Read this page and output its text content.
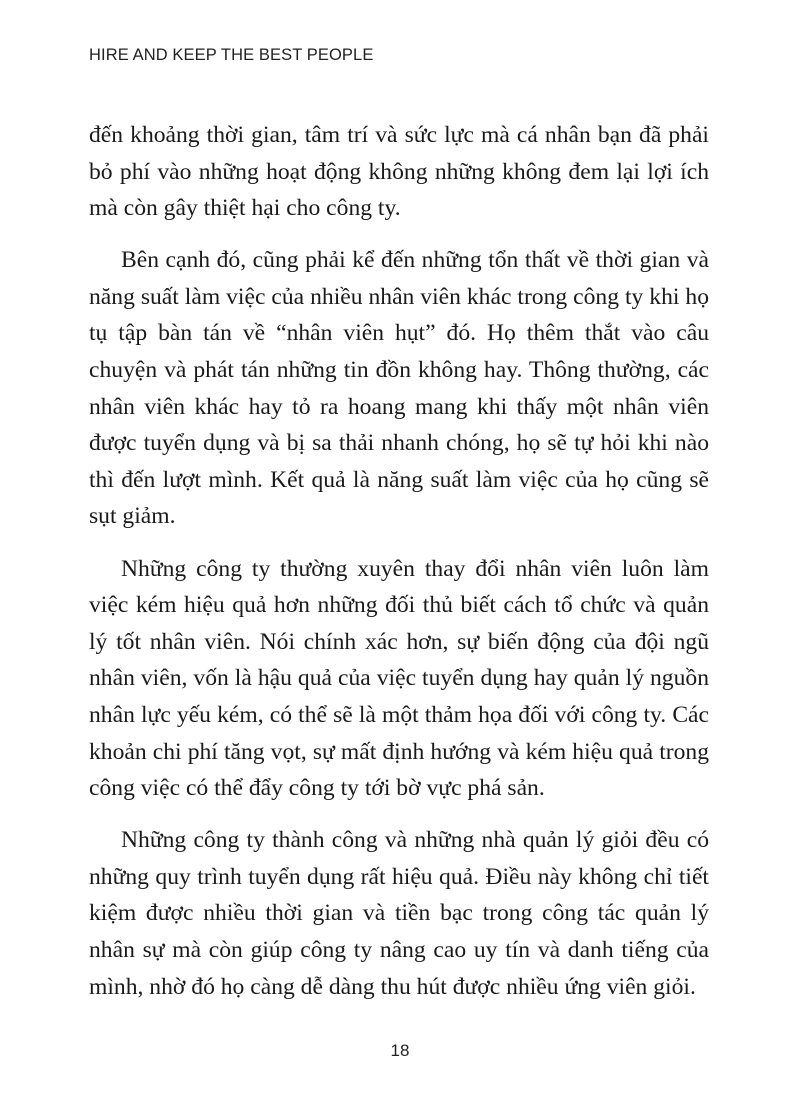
HIRE AND KEEP THE BEST PEOPLE

đến khoảng thời gian, tâm trí và sức lực mà cá nhân bạn đã phải bỏ phí vào những hoạt động không những không đem lại lợi ích mà còn gây thiệt hại cho công ty.

Bên cạnh đó, cũng phải kể đến những tổn thất về thời gian và năng suất làm việc của nhiều nhân viên khác trong công ty khi họ tụ tập bàn tán về “nhân viên hụt” đó. Họ thêm thắt vào câu chuyện và phát tán những tin đồn không hay. Thông thường, các nhân viên khác hay tỏ ra hoang mang khi thấy một nhân viên được tuyển dụng và bị sa thải nhanh chóng, họ sẽ tự hỏi khi nào thì đến lượt mình. Kết quả là năng suất làm việc của họ cũng sẽ sụt giảm.

Những công ty thường xuyên thay đổi nhân viên luôn làm việc kém hiệu quả hơn những đối thủ biết cách tổ chức và quản lý tốt nhân viên. Nói chính xác hơn, sự biến động của đội ngũ nhân viên, vốn là hậu quả của việc tuyển dụng hay quản lý nguồn nhân lực yếu kém, có thể sẽ là một thảm họa đối với công ty. Các khoản chi phí tăng vọt, sự mất định hướng và kém hiệu quả trong công việc có thể đẩy công ty tới bờ vực phá sản.

Những công ty thành công và những nhà quản lý giỏi đều có những quy trình tuyển dụng rất hiệu quả. Điều này không chỉ tiết kiệm được nhiều thời gian và tiền bạc trong công tác quản lý nhân sự mà còn giúp công ty nâng cao uy tín và danh tiếng của mình, nhờ đó họ càng dễ dàng thu hút được nhiều ứng viên giỏi.

18
